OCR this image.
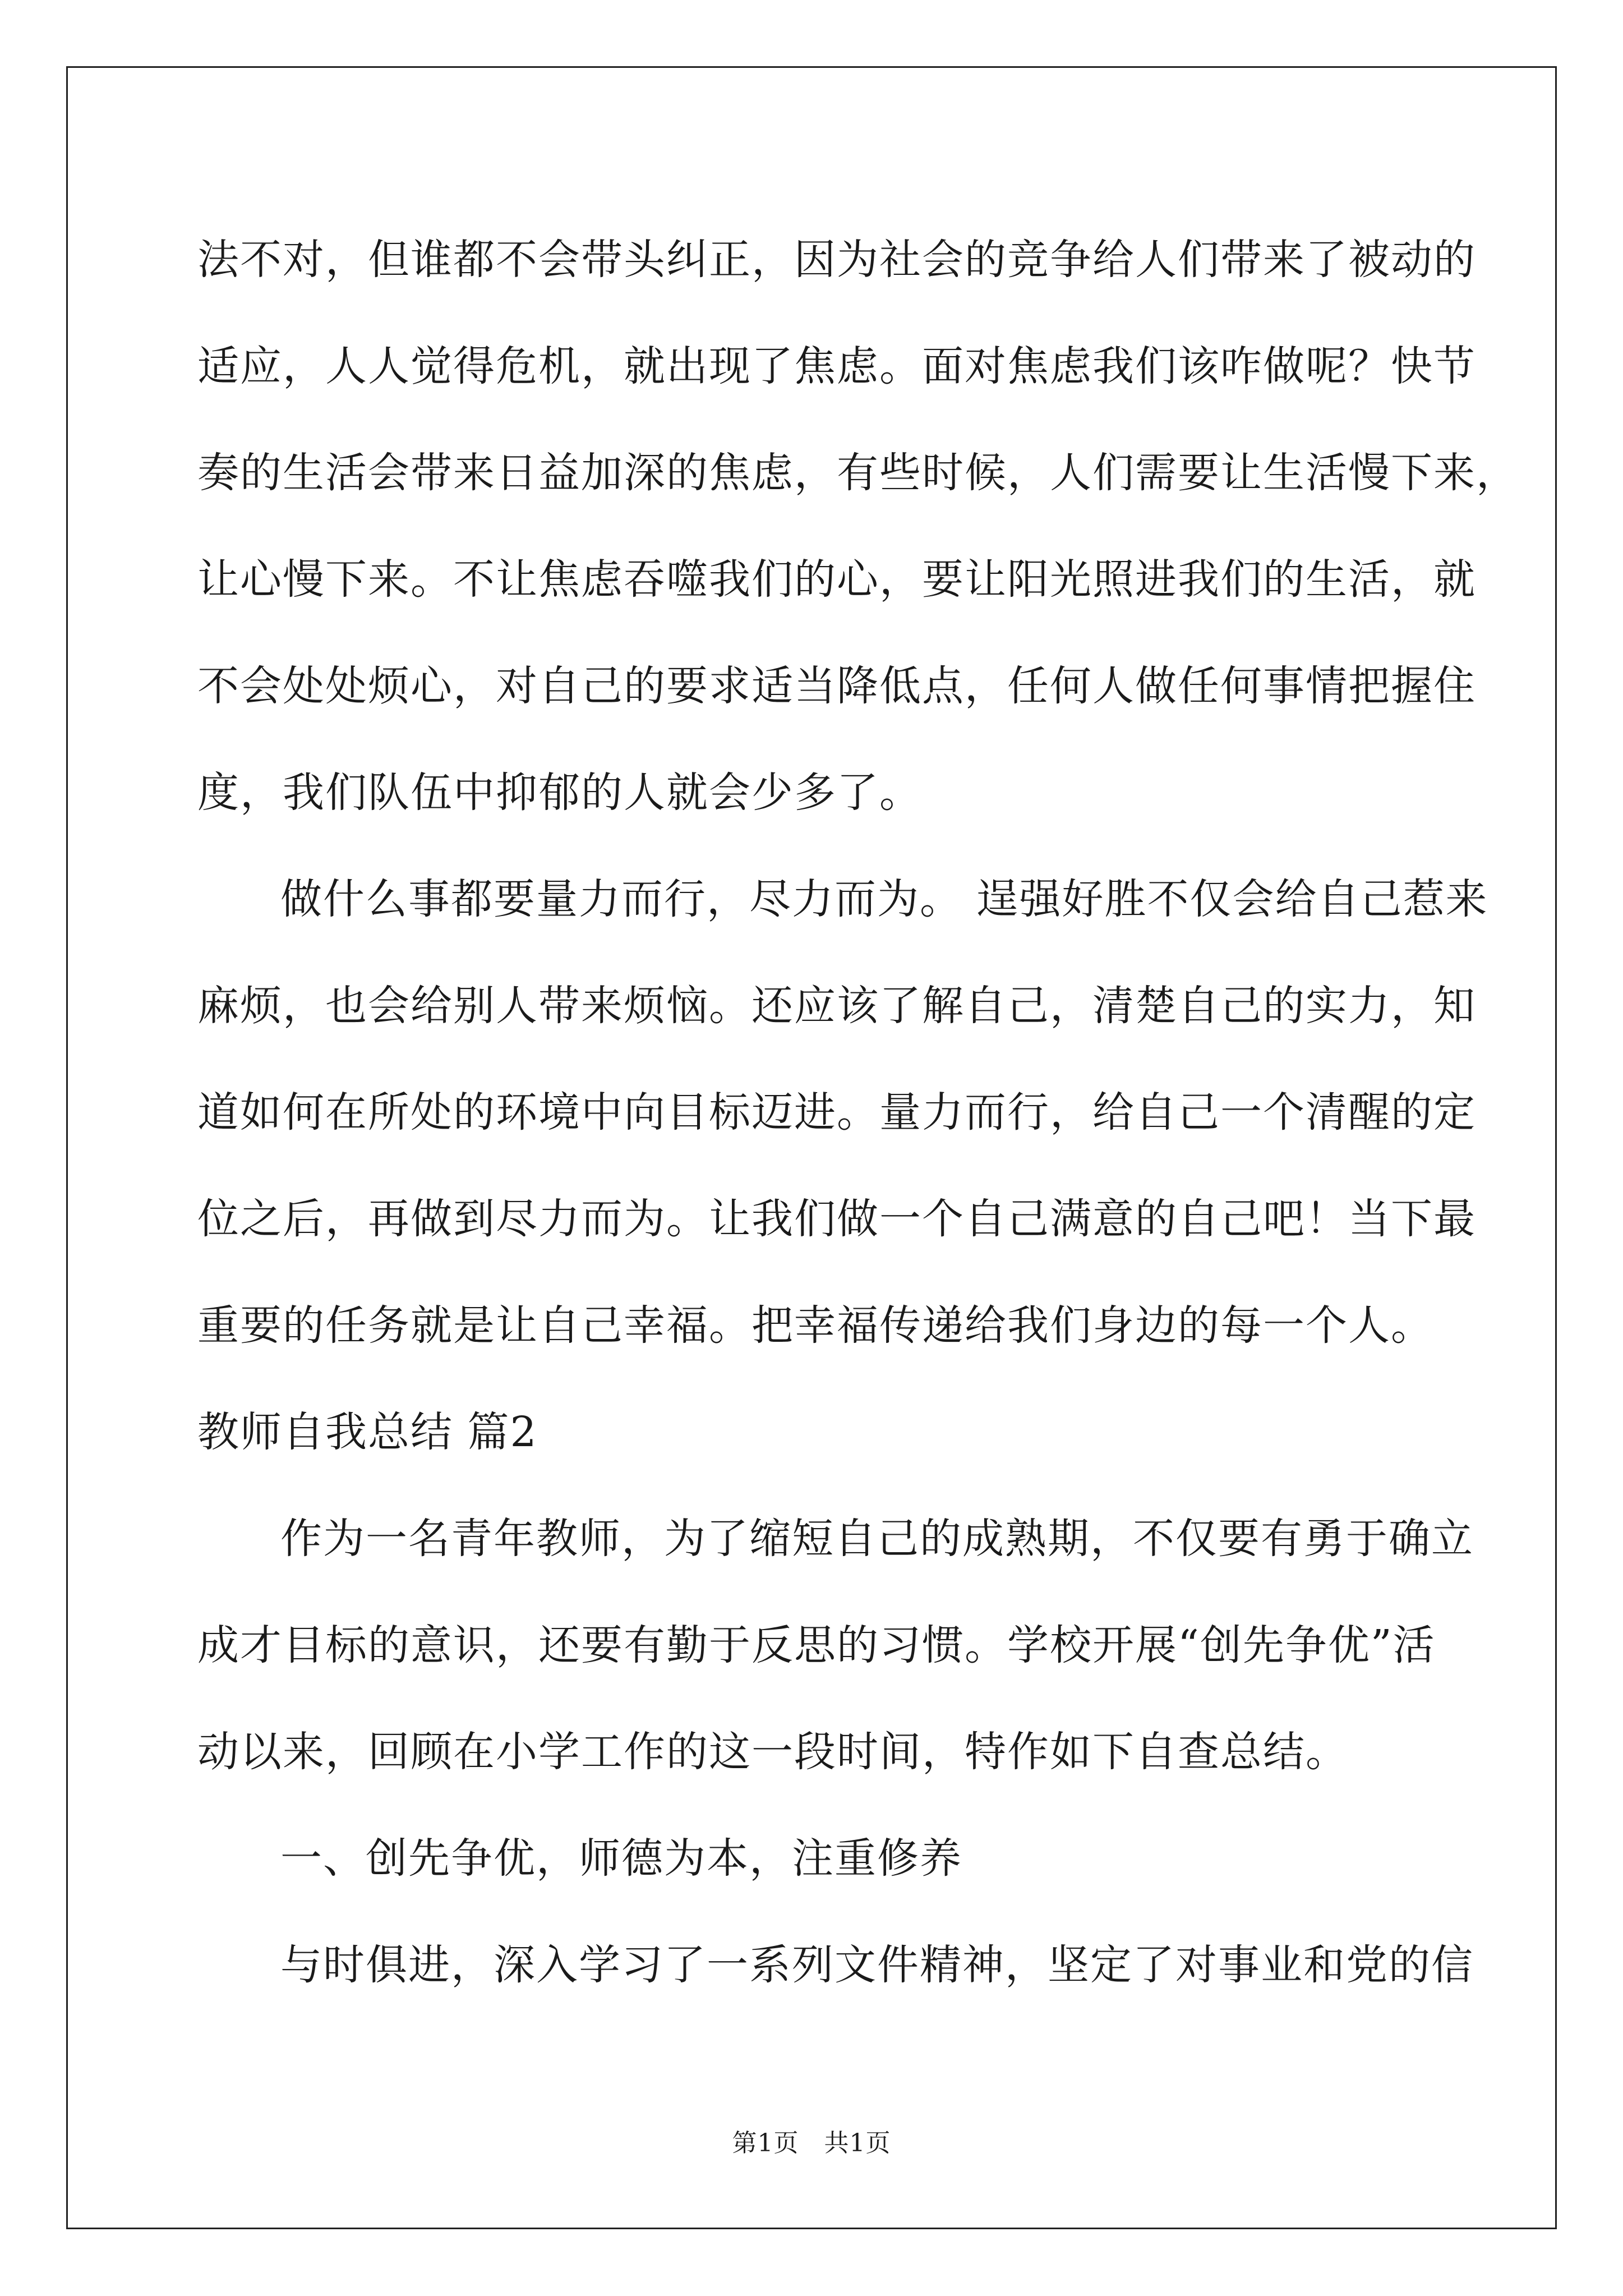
法不对，但谁都不会带头纠正，因为社会的竞争给人们带来了被动的
适应，人人觉得危机，就出现了焦虑。面对焦虑我们该咋做呢？快节
奏的生活会带来日益加深的焦虑，有些时候，人们需要让生活慢下来，
让心慢下来。不让焦虑吞噬我们的心，要让阳光照进我们的生活，就
不会处处烦心，对自己的要求适当降低点，任何人做任何事情把握住
度，我们队伍中抑郁的人就会少多了。
做什么事都要量力而行，尽力而为。 逞强好胜不仅会给自己惹来
麻烦，也会给别人带来烦恼。还应该了解自己，清楚自己的实力，知
道如何在所处的环境中向目标迈进。量力而行，给自己一个清醒的定
位之后，再做到尽力而为。让我们做一个自己满意的自己吧！当下最
重要的任务就是让自己幸福。把幸福传递给我们身边的每一个人。
教师自我总结 篇2
作为一名青年教师，为了缩短自己的成熟期，不仅要有勇于确立
成才目标的意识，还要有勤于反思的习惯。学校开展“创先争优”活
动以来，回顾在小学工作的这一段时间，特作如下自查总结。
一、创先争优，师德为本，注重修养
与时俱进，深入学习了一系列文件精神，坚定了对事业和党的信
第1页   共1页
